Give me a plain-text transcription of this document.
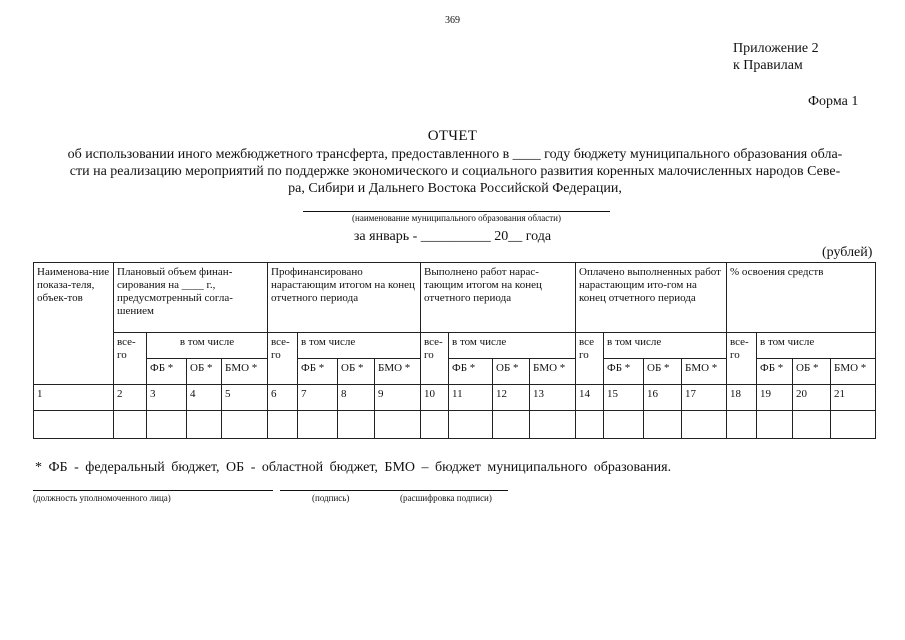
369
Приложение 2
к Правилам
Форма 1
ОТЧЕТ
об использовании иного межбюджетного трансферта, предоставленного в ____ году бюджету муниципального образования обла-
сти на реализацию мероприятий по поддержке экономического и социального развития коренных малочисленных народов Севе-
ра, Сибири и Дальнего Востока Российской Федерации,
(наименование муниципального образования области)
за январь - __________ 20__ года
(рублей)
Наименова-ние показа-теля, объек-тов	Плановый объем финан-сирования на ____ г., предусмотренный согла-шением				Профинансировано нарастающим итогом на конец отчетного периода				Выполнено работ нарас-тающим итогом на конец отчетного периода				Оплачено выполненных работ нарастающим ито-гом на конец отчетного периода				% освоения средств			
	все-го	в том числе			все-го	в том числе			все-го	в том числе			все го	в том числе			все-го	в том числе		
		ФБ *	ОБ *	БМО *		ФБ *	ОБ *	БМО *		ФБ *	ОБ *	БМО *		ФБ *	ОБ *	БМО *		ФБ *	ОБ *	БМО *
1	2	3	4	5	6	7	8	9	10	11	12	13	14	15	16	17	18	19	20	21

* ФБ - федеральный бюджет, ОБ - областной бюджет, БМО – бюджет муниципального образования.
(должность уполномоченного лица)	(подпись)	(расшифровка подписи)
